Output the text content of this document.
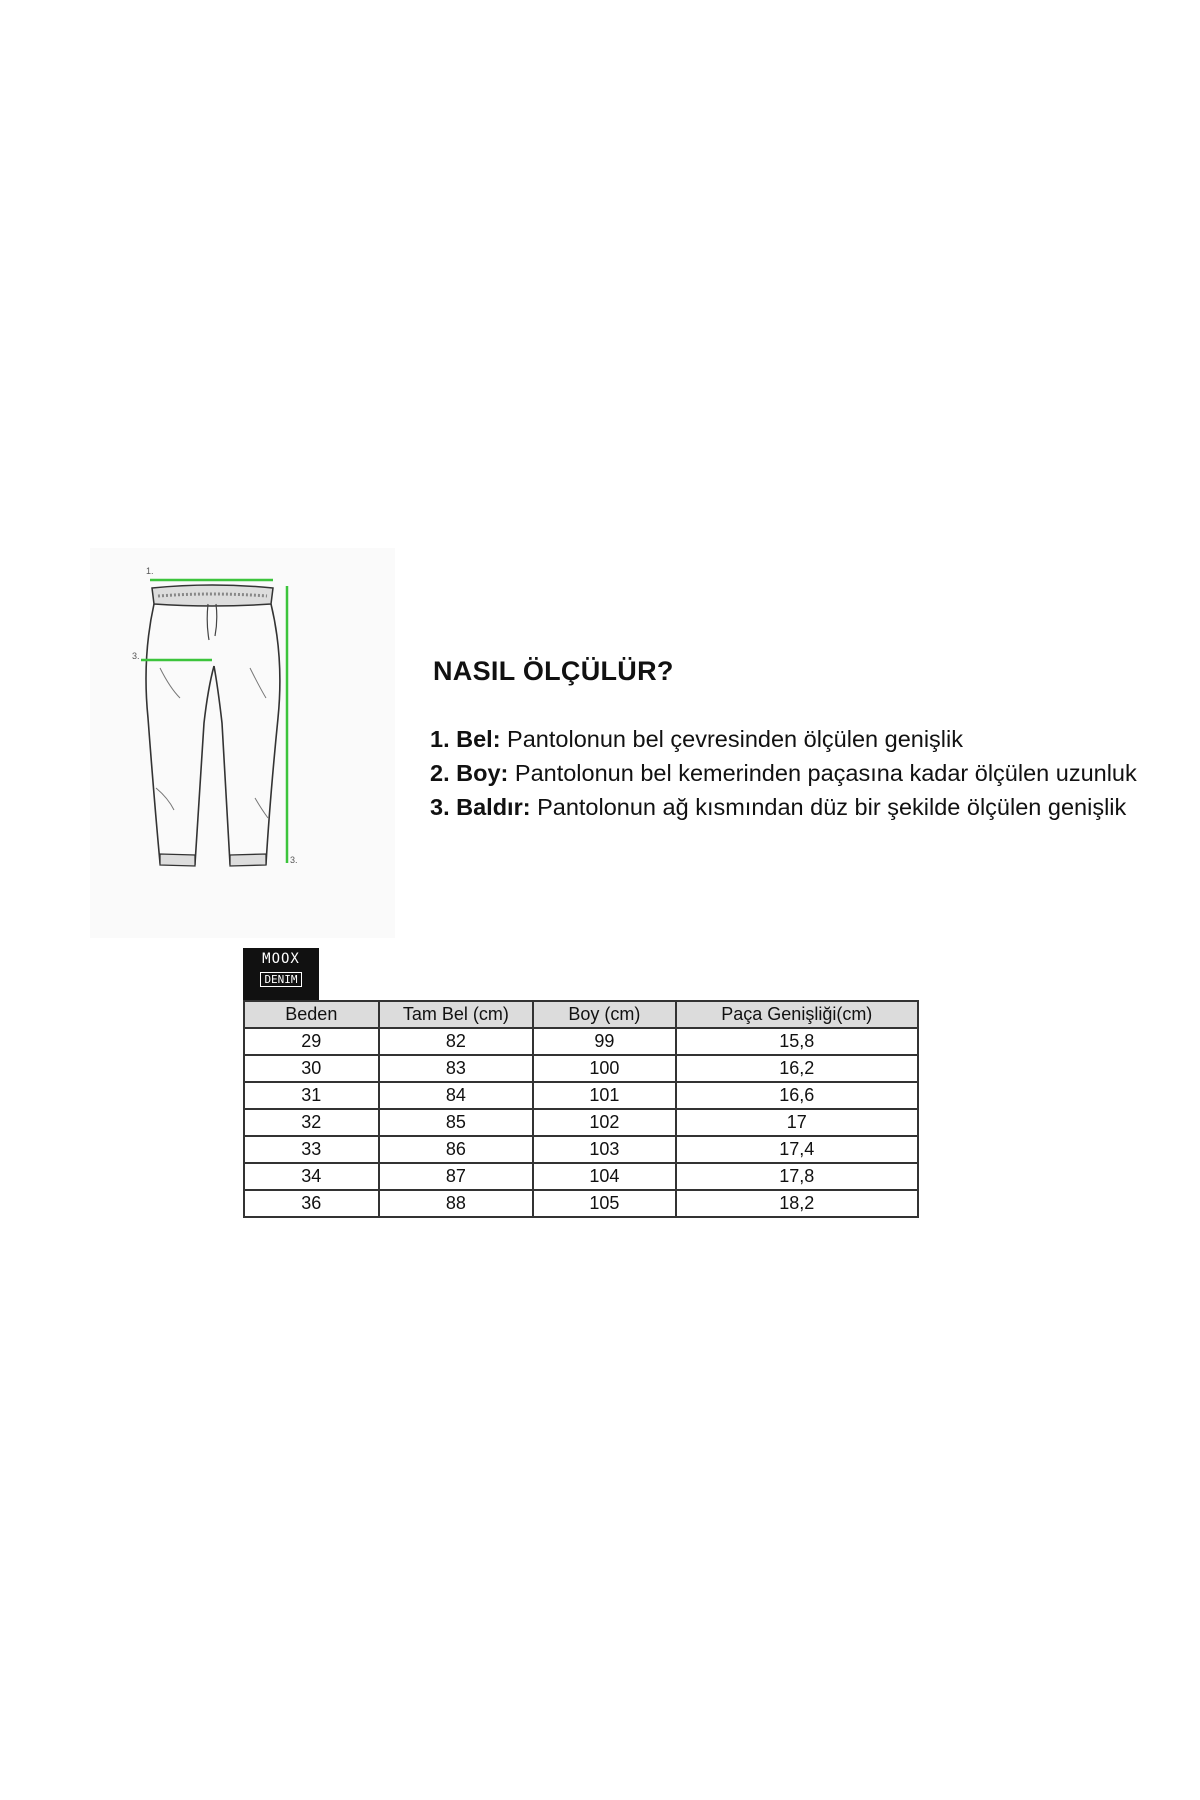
1.
3.
3.
NASIL ÖLÇÜLÜR?
1. Bel: Pantolonun bel çevresinden ölçülen genişlik
2. Boy: Pantolonun bel kemerinden paçasına kadar ölçülen uzunluk
3. Baldır: Pantolonun ağ kısmından düz bir şekilde ölçülen genişlik
MOOX
DENIM
Beden	Tam Bel (cm)	Boy (cm)	Paça Genişliği(cm)
29	82	99	15,8
30	83	100	16,2
31	84	101	16,6
32	85	102	17
33	86	103	17,4
34	87	104	17,8
36	88	105	18,2
